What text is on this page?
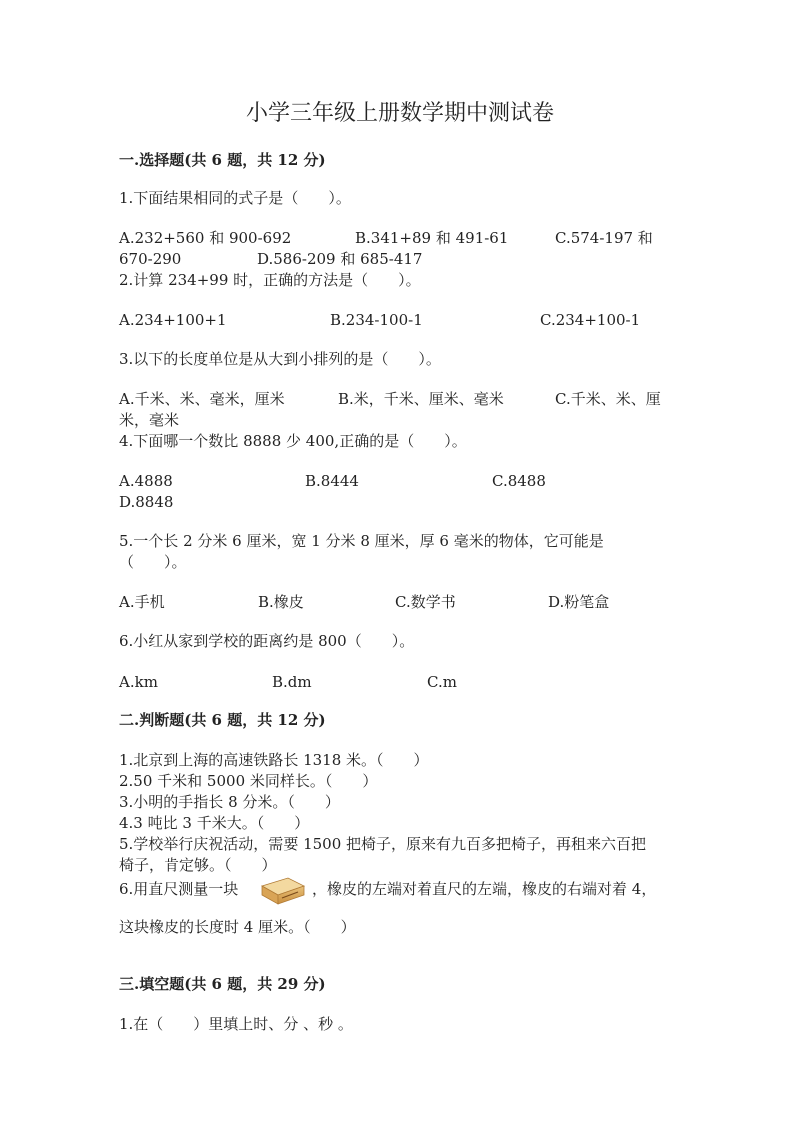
小学三年级上册数学期中测试卷
一.选择题(共 6 题，共 12 分)
1.下面结果相同的式子是（　　）。
A.232+560 和 900-692	B.341+89 和 491-61	C.574-197 和
670-290	D.586-209 和 685-417
2.计算 234+99 时，正确的方法是（　　）。
A.234+100+1	B.234-100-1	C.234+100-1
3.以下的长度单位是从大到小排列的是（　　）。
A.千米、米、毫米，厘米	B.米，千米、厘米、毫米	C.千米、米、厘
米，毫米
4.下面哪一个数比 8888 少 400,正确的是（　　）。
A.4888	B.8444	C.8488
D.8848
5.一个长 2 分米 6 厘米，宽 1 分米 8 厘米，厚 6 毫米的物体，它可能是
（　　）。
A.手机	B.橡皮	C.数学书	D.粉笔盒
6.小红从家到学校的距离约是 800（　　）。
A.km	B.dm	C.m
二.判断题(共 6 题，共 12 分)
1.北京到上海的高速铁路长 1318 米。（　　）
2.50 千米和 5000 米同样长。（　　）
3.小明的手指长 8 分米。（　　）
4.3 吨比 3 千米大。（　　）
5.学校举行庆祝活动，需要 1500 把椅子，原来有九百多把椅子，再租来六百把
椅子，肯定够。（　　）
6.用直尺测量一块	，橡皮的左端对着直尺的左端，橡皮的右端对着 4，
这块橡皮的长度时 4 厘米。（　　）
三.填空题(共 6 题，共 29 分)
1.在（　　）里填上时、分 、秒 。
